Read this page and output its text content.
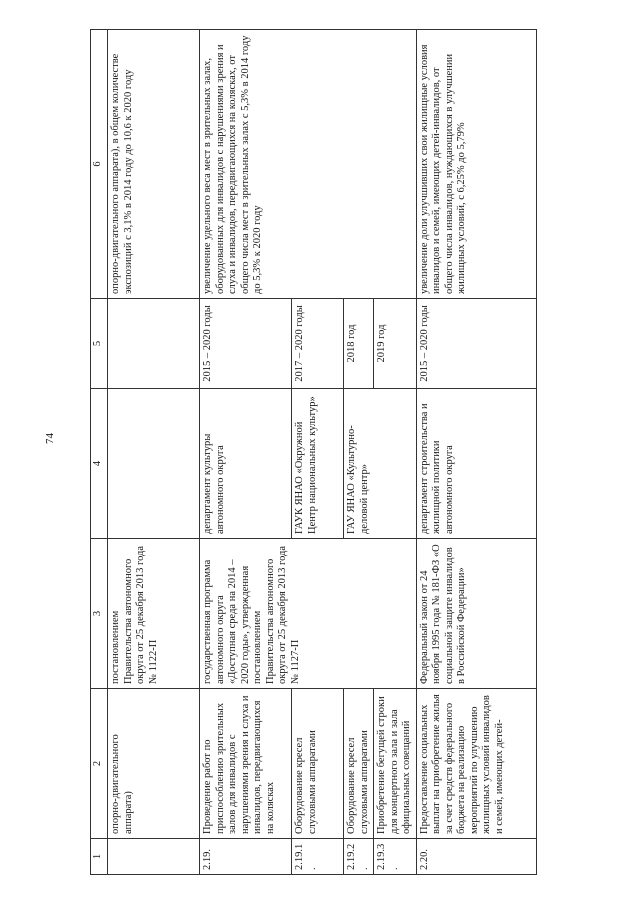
74
1	2	3	4	5	6
	опорно-двигательного аппарата)	постановлением Правительства автономного округа от 25 декабря 2013 года № 1122-П			опорно-двигательного аппарата), в общем количестве экспозиций с 3,1% в 2014 году до 10,6 к 2020 году
2.19.	Проведение работ по приспособлению зрительных залов для инвалидов с нарушениями зрения и слуха и инвалидов, передвигающихся на колясках	государственная программа автономного округа «Доступная среда на 2014 – 2020 годы», утвержденная постановлением Правительства автономного округа от 25 декабря 2013 года № 1127-П	департамент культуры автономного округа	2015 – 2020 годы	увеличение удельного веса мест в зрительных залах, оборудованных для инвалидов с нарушениями зрения и слуха и инвалидов, передвигающихся на колясках, от общего числа мест в зрительных залах с 5,3% в 2014 году до 5,3% к 2020 году
2.19.1.	Оборудование кресел слуховыми аппаратами		ГАУК ЯНАО «Окружной Центр национальных культур»	2017 – 2020 годы	
2.19.2.	Оборудование кресел слуховыми аппаратами		ГАУ ЯНАО «Культурно-деловой центр»	2018 год	
2.19.3.	Приобретение бегущей строки для концертного зала и зала официальных совещаний			2019 год	
2.20.	Предоставление социальных выплат на приобретение жилья за счет средств федерального бюджета на реализацию мероприятий по улучшению жилищных условий инвалидов и семей, имеющих детей-	Федеральный закон от 24 ноября 1995 года № 181-ФЗ «О социальной защите инвалидов в Российской Федерации»	департамент строительства и жилищной политики автономного округа	2015 – 2020 годы	увеличение доли улучшивших свои жилищные условия инвалидов и семей, имеющих детей-инвалидов, от общего числа инвалидов, нуждающихся в улучшении жилищных условий, с 6,25% до 5,79%
